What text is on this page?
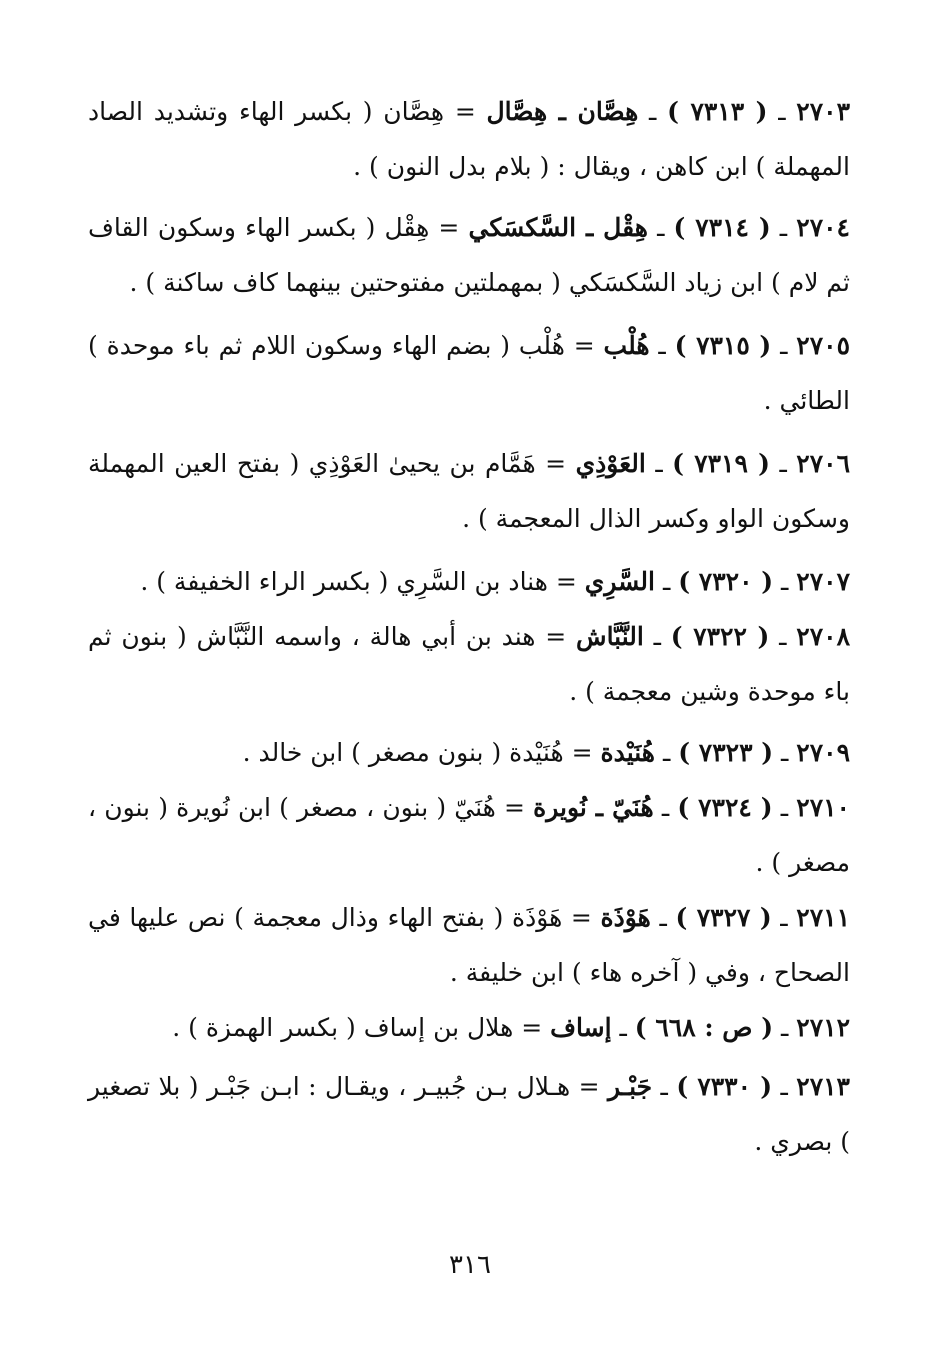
٢٧٠٣ ـ ( ٧٣١٣ ) ـ هِصَّان ـ هِصَّال = هِصَّان ( بكسر الهاء وتشديد الصاد المهملة ) ابن كاهن ، ويقال : ( بلام بدل النون ) .

٢٧٠٤ ـ ( ٧٣١٤ ) ـ هِقْل ـ السَّكسَكي = هِقْل ( بكسر الهاء وسكون القاف ثم لام ) ابن زياد السَّكسَكي ( بمهملتين مفتوحتين بينهما كاف ساكنة ) .

٢٧٠٥ ـ ( ٧٣١٥ ) ـ هُلْب = هُلْب ( بضم الهاء وسكون اللام ثم باء موحدة ) الطائي .

٢٧٠٦ ـ ( ٧٣١٩ ) ـ العَوْذِي = هَمَّام بن يحيىٰ العَوْذِي ( بفتح العين المهملة وسكون الواو وكسر الذال المعجمة ) .

٢٧٠٧ ـ ( ٧٣٢٠ ) ـ السَّرِي = هناد بن السَّرِي ( بكسر الراء الخفيفة ) .

٢٧٠٨ ـ ( ٧٣٢٢ ) ـ النَّبَّاش = هند بن أبي هالة ، واسمه النَّبَّاش ( بنون ثم باء موحدة وشين معجمة ) .

٢٧٠٩ ـ ( ٧٣٢٣ ) ـ هُنَيْدة = هُنَيْدة ( بنون مصغر ) ابن خالد .

٢٧١٠ ـ ( ٧٣٢٤ ) ـ هُنَيّ ـ نُويرة = هُنَيّ ( بنون ، مصغر ) ابن نُويرة ( بنون ، مصغر ) .

٢٧١١ ـ ( ٧٣٢٧ ) ـ هَوْذَة = هَوْذَة ( بفتح الهاء وذال معجمة ) نص عليها في الصحاح ، وفي ( آخره هاء ) ابن خليفة .

٢٧١٢ ـ ( ص : ٦٦٨ ) ـ إساف = هلال بن إساف ( بكسر الهمزة ) .

٢٧١٣ ـ ( ٧٣٣٠ ) ـ جَبْـر = هـلال بـن جُبيـر ، ويقـال : ابـن جَبْـر ( بلا تصغير ) بصري .

٣١٦
